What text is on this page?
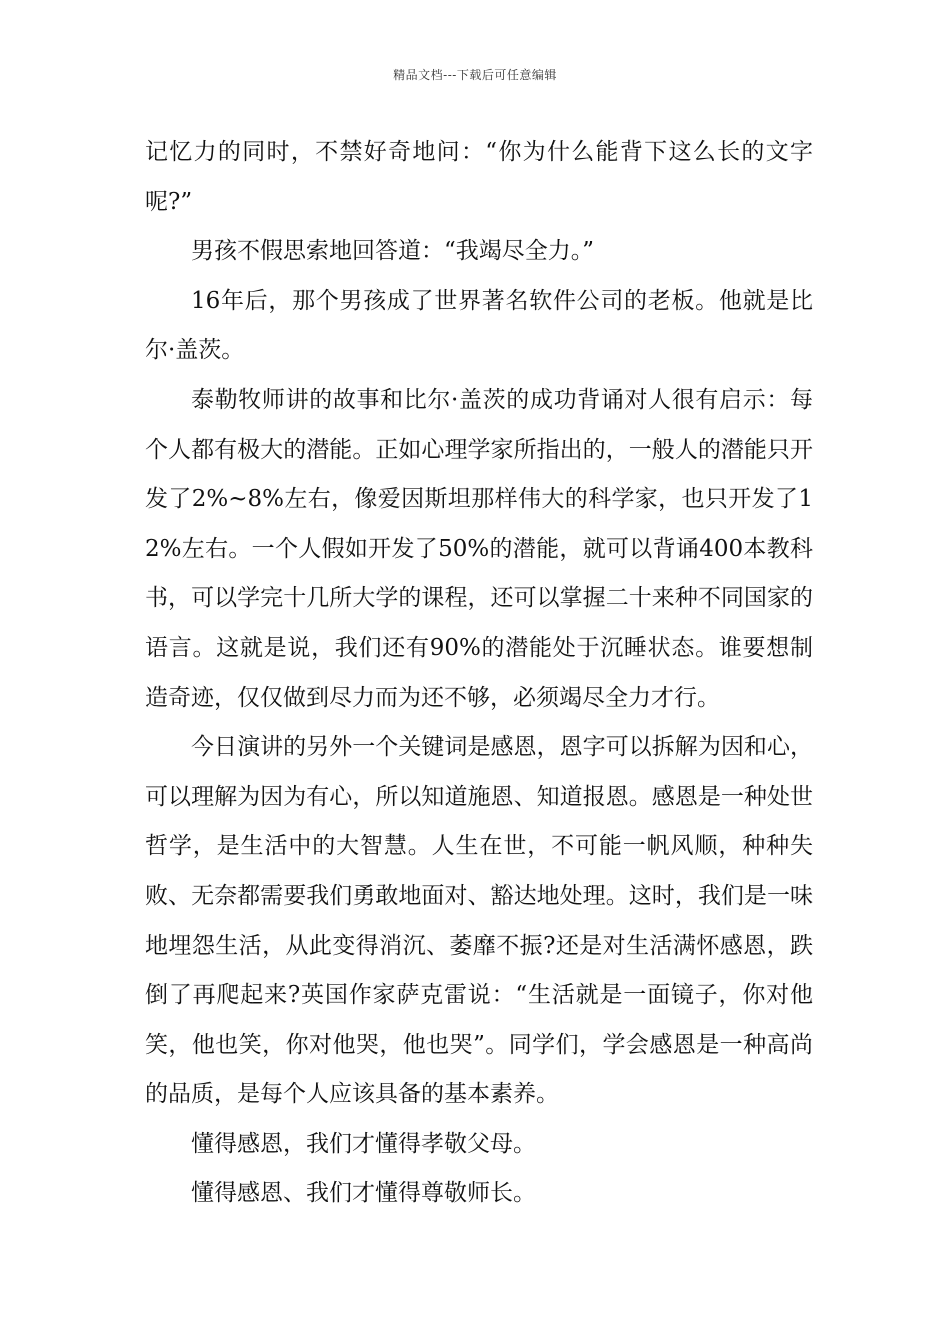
精品文档---下载后可任意编辑

记忆力的同时，不禁好奇地问：“你为什么能背下这么长的文字呢?”

男孩不假思索地回答道：“我竭尽全力。”

16年后，那个男孩成了世界著名软件公司的老板。他就是比尔·盖茨。

泰勒牧师讲的故事和比尔·盖茨的成功背诵对人很有启示：每个人都有极大的潜能。正如心理学家所指出的，一般人的潜能只开发了2%~8%左右，像爱因斯坦那样伟大的科学家，也只开发了12%左右。一个人假如开发了50%的潜能，就可以背诵400本教科书，可以学完十几所大学的课程，还可以掌握二十来种不同国家的语言。这就是说，我们还有90%的潜能处于沉睡状态。谁要想制造奇迹，仅仅做到尽力而为还不够，必须竭尽全力才行。

今日演讲的另外一个关键词是感恩，恩字可以拆解为因和心，可以理解为因为有心，所以知道施恩、知道报恩。感恩是一种处世哲学，是生活中的大智慧。人生在世，不可能一帆风顺，种种失败、无奈都需要我们勇敢地面对、豁达地处理。这时，我们是一味地埋怨生活，从此变得消沉、萎靡不振?还是对生活满怀感恩，跌倒了再爬起来?英国作家萨克雷说：“生活就是一面镜子，你对他笑，他也笑，你对他哭，他也哭”。同学们，学会感恩是一种高尚的品质，是每个人应该具备的基本素养。

懂得感恩，我们才懂得孝敬父母。

懂得感恩、我们才懂得尊敬师长。
